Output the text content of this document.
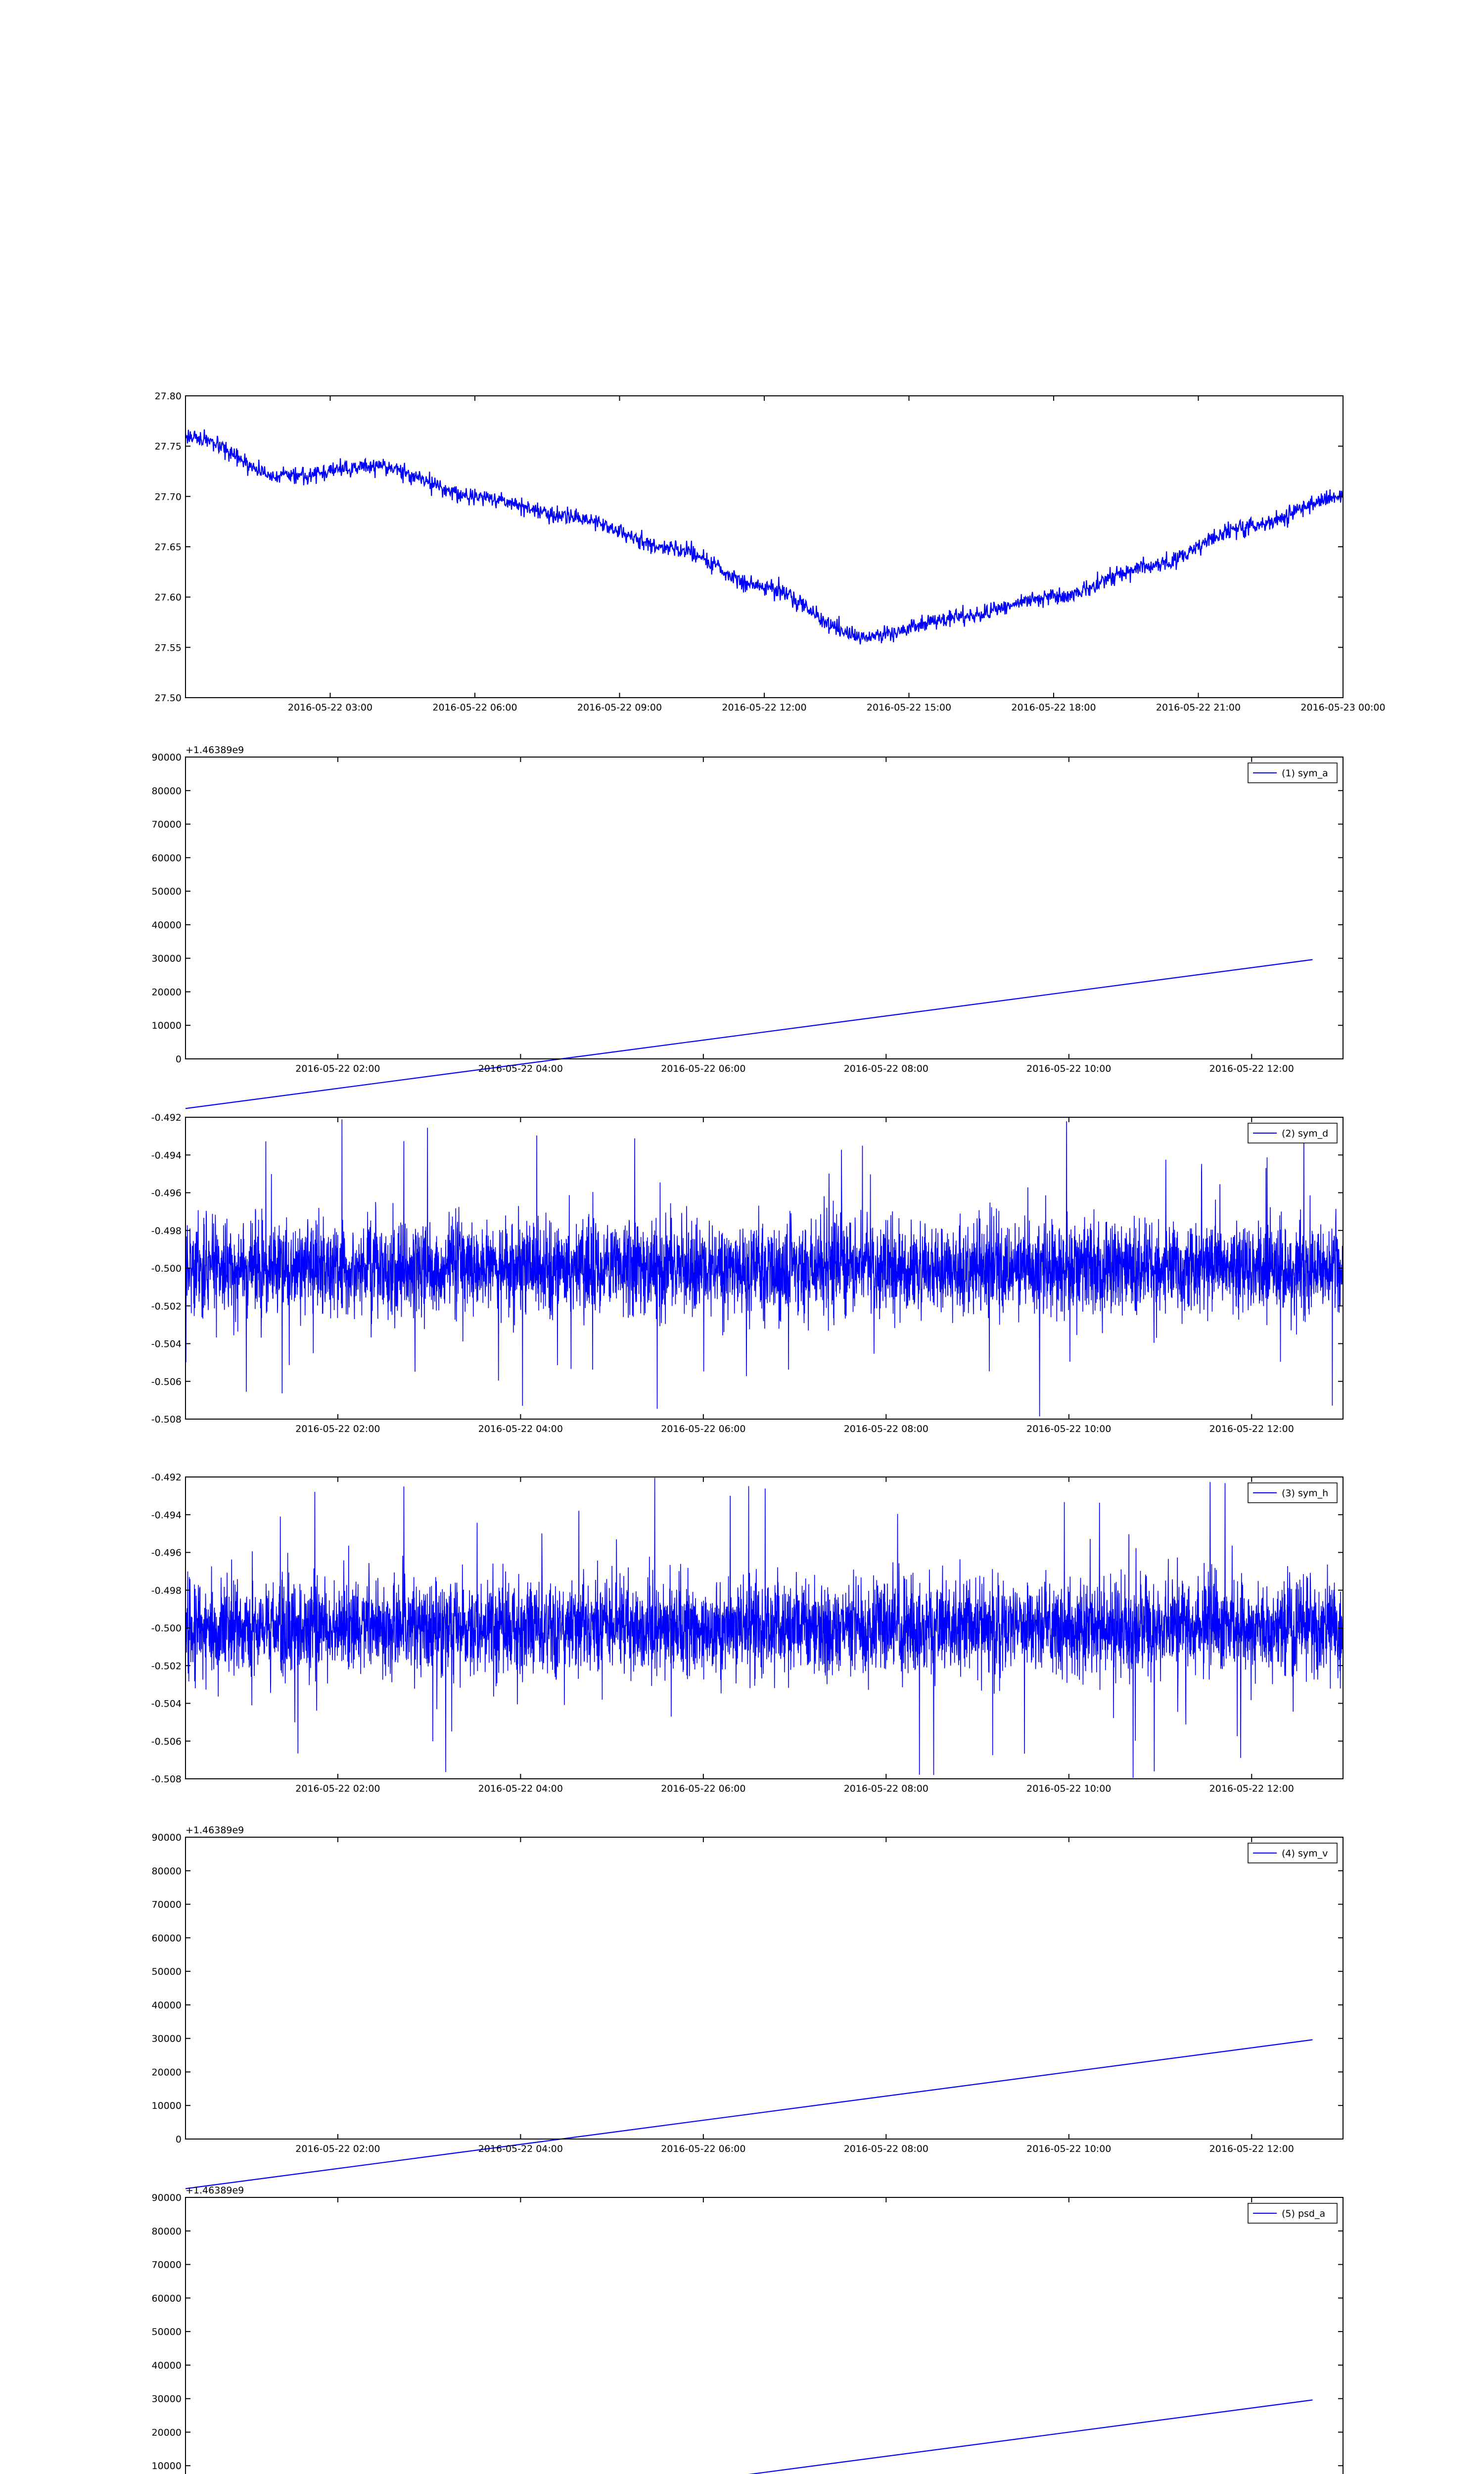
27.50
27.55
27.60
27.65
27.70
27.75
27.80
2016-05-22 03:00	2016-05-22 06:00	2016-05-22 09:00	2016-05-22 12:00	2016-05-22 15:00	2016-05-22 18:00	2016-05-22 21:00	2016-05-23 00:00
0
10000
20000
30000
40000
50000
60000
70000
80000
90000
2016-05-22 02:00	2016-05-22 04:00	2016-05-22 06:00	2016-05-22 08:00	2016-05-22 10:00	2016-05-22 12:00
+1.46389e9
(1) sym_a
-0.508
-0.506
-0.504
-0.502
-0.500
-0.498
-0.496
-0.494
-0.492
2016-05-22 02:00	2016-05-22 04:00	2016-05-22 06:00	2016-05-22 08:00	2016-05-22 10:00	2016-05-22 12:00
(2) sym_d
-0.508
-0.506
-0.504
-0.502
-0.500
-0.498
-0.496
-0.494
-0.492
2016-05-22 02:00	2016-05-22 04:00	2016-05-22 06:00	2016-05-22 08:00	2016-05-22 10:00	2016-05-22 12:00
(3) sym_h
0
10000
20000
30000
40000
50000
60000
70000
80000
90000
2016-05-22 02:00	2016-05-22 04:00	2016-05-22 06:00	2016-05-22 08:00	2016-05-22 10:00	2016-05-22 12:00
+1.46389e9
(4) sym_v
10000
20000
30000
40000
50000
60000
70000
80000
90000
+1.46389e9
(5) psd_a
